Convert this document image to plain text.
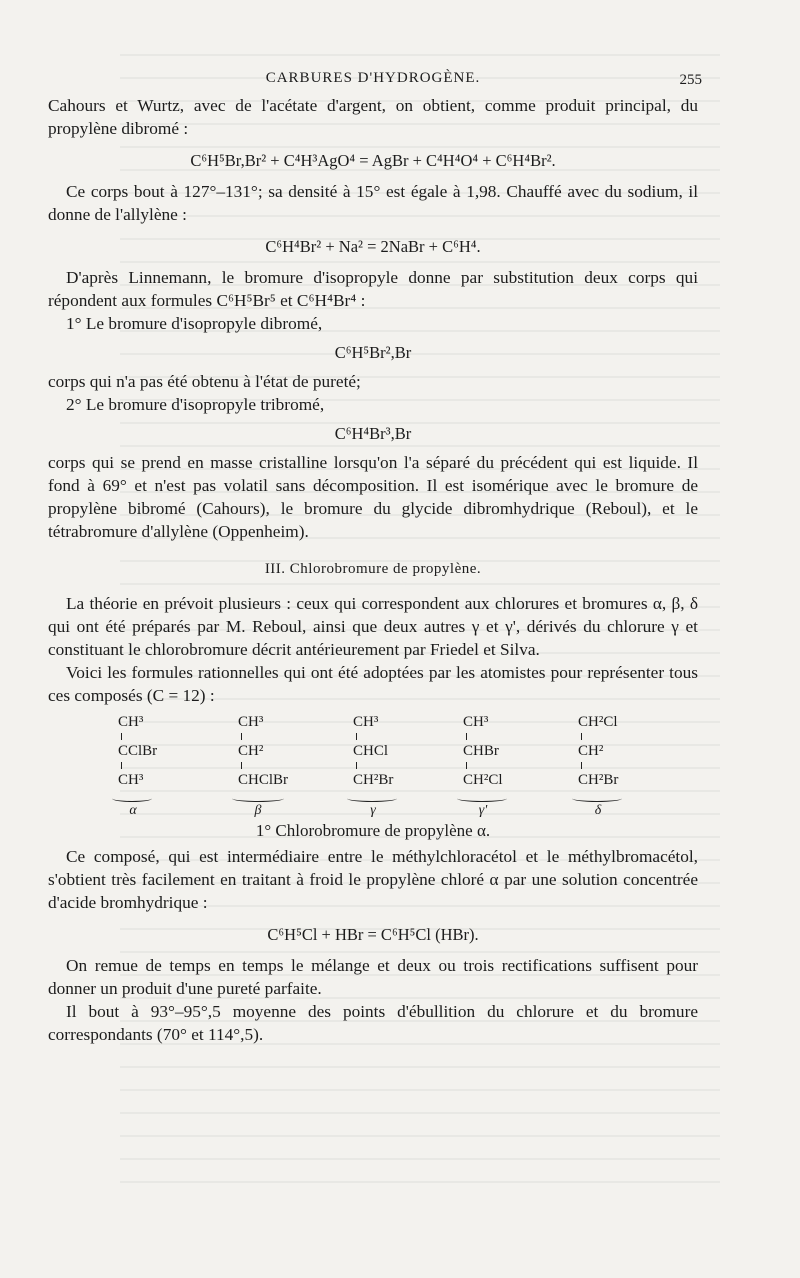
CARBURES D'HYDROGÈNE.	255

Cahours et Wurtz, avec de l'acétate d'argent, on obtient, comme produit principal, du propylène dibromé :

C⁶H⁵Br,Br² + C⁴H³AgO⁴ = AgBr + C⁴H⁴O⁴ + C⁶H⁴Br².

Ce corps bout à 127°–131°; sa densité à 15° est égale à 1,98. Chauffé avec du sodium, il donne de l'allylène :

C⁶H⁴Br² + Na² = 2NaBr + C⁶H⁴.

D'après Linnemann, le bromure d'isopropyle donne par substitution deux corps qui répondent aux formules C⁶H⁵Br⁵ et C⁶H⁴Br⁴ :

1° Le bromure d'isopropyle dibromé,

C⁶H⁵Br²,Br

corps qui n'a pas été obtenu à l'état de pureté;

2° Le bromure d'isopropyle tribromé,

C⁶H⁴Br³,Br

corps qui se prend en masse cristalline lorsqu'on l'a séparé du précédent qui est liquide. Il fond à 69° et n'est pas volatil sans décomposition. Il est isomérique avec le bromure de propylène bibromé (Cahours), le bromure du glycide dibromhydrique (Reboul), et le tétrabromure d'allylène (Oppenheim).

III. Chlorobromure de propylène.

La théorie en prévoit plusieurs : ceux qui correspondent aux chlorures et bromures α, β, δ qui ont été préparés par M. Reboul, ainsi que deux autres γ et γ', dérivés du chlorure γ et constituant le chlorobromure décrit antérieurement par Friedel et Silva.

Voici les formules rationnelles qui ont été adoptées par les atomistes pour représenter tous ces composés (C = 12) :

CH³
CClBr
CH³
α
CH³
CH²
CHClBr
β
CH³
CHCl
CH²Br
γ
CH³
CHBr
CH²Cl
γ'
CH²Cl
CH²
CH²Br
δ
1° Chlorobromure de propylène α.

Ce composé, qui est intermédiaire entre le méthylchloracétol et le méthylbromacétol, s'obtient très facilement en traitant à froid le propylène chloré α par une solution concentrée d'acide bromhydrique :

C⁶H⁵Cl + HBr = C⁶H⁵Cl (HBr).

On remue de temps en temps le mélange et deux ou trois rectifications suffisent pour donner un produit d'une pureté parfaite.

Il bout à 93°–95°,5 moyenne des points d'ébullition du chlorure et du bromure correspondants (70° et 114°,5).
